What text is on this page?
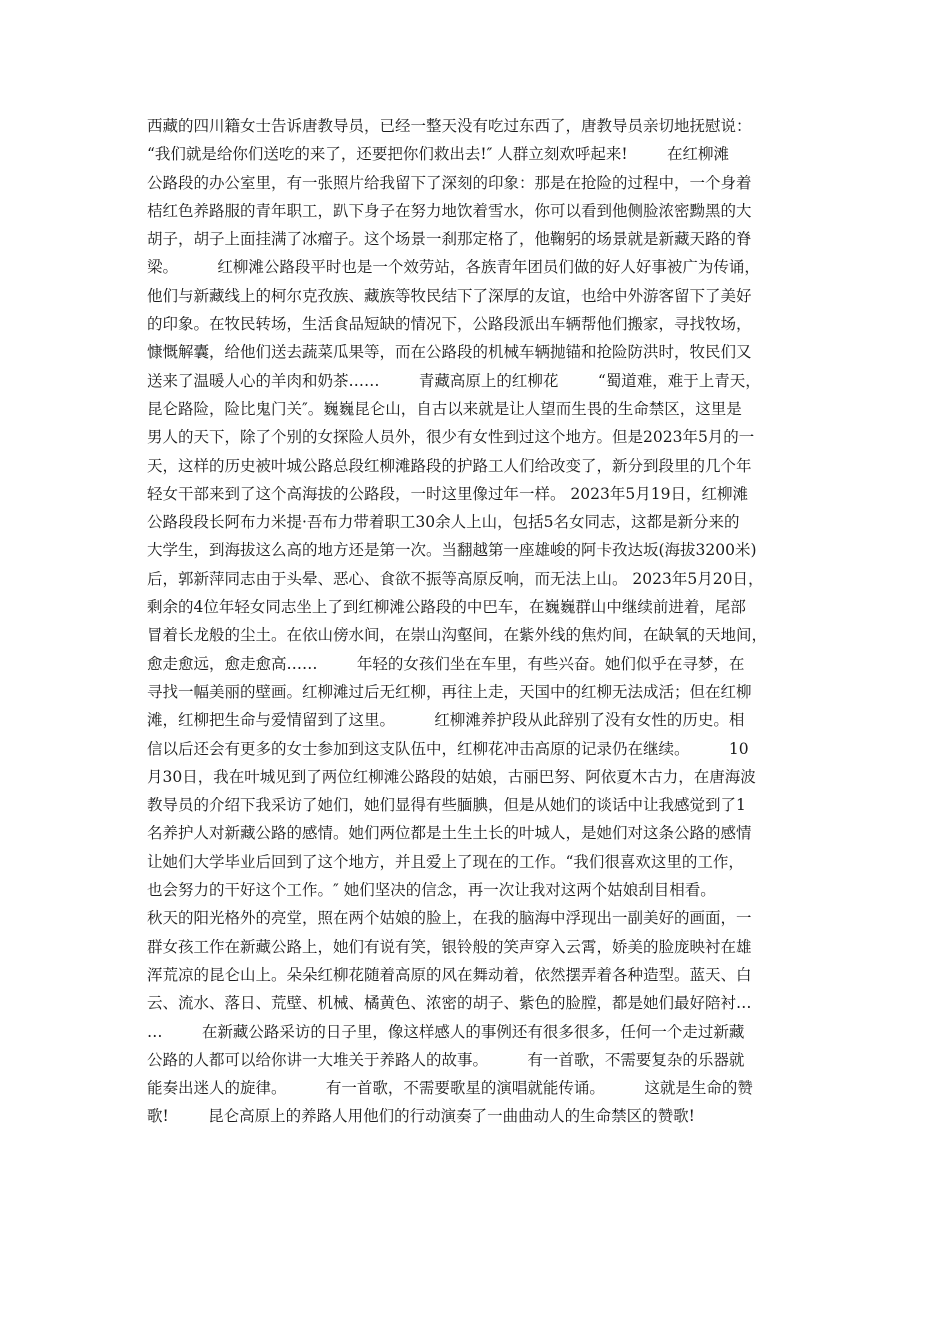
西藏的四川籍女士告诉唐教导员，已经一整天没有吃过东西了，唐教导员亲切地抚慰说：
“我们就是给你们送吃的来了，还要把你们救出去!″ 人群立刻欢呼起来!        在红柳滩
公路段的办公室里，有一张照片给我留下了深刻的印象：那是在抢险的过程中，一个身着
桔红色养路服的青年职工，趴下身子在努力地饮着雪水，你可以看到他侧脸浓密黝黑的大
胡子，胡子上面挂满了冰瘤子。这个场景一刹那定格了，他鞠躬的场景就是新藏天路的脊
梁。        红柳滩公路段平时也是一个效劳站，各族青年团员们做的好人好事被广为传诵，
他们与新藏线上的柯尔克孜族、藏族等牧民结下了深厚的友谊，也给中外游客留下了美好
的印象。在牧民转场，生活食品短缺的情况下，公路段派出车辆帮他们搬家，寻找牧场，
慷慨解囊，给他们送去蔬菜瓜果等，而在公路段的机械车辆抛锚和抢险防洪时，牧民们又
送来了温暖人心的羊肉和奶茶……        青藏高原上的红柳花        “蜀道难，难于上青天，
昆仑路险，险比鬼门关″。巍巍昆仑山，自古以来就是让人望而生畏的生命禁区，这里是
男人的天下，除了个别的女探险人员外，很少有女性到过这个地方。但是2023年5月的一
天，这样的历史被叶城公路总段红柳滩路段的护路工人们给改变了，新分到段里的几个年
轻女干部来到了这个高海拔的公路段，一时这里像过年一样。 2023年5月19日，红柳滩
公路段段长阿布力米提·吾布力带着职工30余人上山，包括5名女同志，这都是新分来的
大学生，到海拔这么高的地方还是第一次。当翻越第一座雄峻的阿卡孜达坂(海拔3200米)
后，郭新萍同志由于头晕、恶心、食欲不振等高原反响，而无法上山。 2023年5月20日，
剩余的4位年轻女同志坐上了到红柳滩公路段的中巴车，在巍巍群山中继续前进着，尾部
冒着长龙般的尘土。在依山傍水间，在崇山沟壑间，在紫外线的焦灼间，在缺氧的天地间，
愈走愈远，愈走愈高……        年轻的女孩们坐在车里，有些兴奋。她们似乎在寻梦，在
寻找一幅美丽的壁画。红柳滩过后无红柳，再往上走，天国中的红柳无法成活；但在红柳
滩，红柳把生命与爱情留到了这里。        红柳滩养护段从此辞别了没有女性的历史。相
信以后还会有更多的女士参加到这支队伍中，红柳花冲击高原的记录仍在继续。        10
月30日，我在叶城见到了两位红柳滩公路段的姑娘，古丽巴努、阿依夏木古力，在唐海波
教导员的介绍下我采访了她们，她们显得有些腼腆，但是从她们的谈话中让我感觉到了1
名养护人对新藏公路的感情。她们两位都是土生土长的叶城人，是她们对这条公路的感情
让她们大学毕业后回到了这个地方，并且爱上了现在的工作。“我们很喜欢这里的工作，
也会努力的干好这个工作。″ 她们坚决的信念，再一次让我对这两个姑娘刮目相看。
秋天的阳光格外的亮堂，照在两个姑娘的脸上，在我的脑海中浮现出一副美好的画面，一
群女孩工作在新藏公路上，她们有说有笑，银铃般的笑声穿入云霄，娇美的脸庞映衬在雄
浑荒凉的昆仑山上。朵朵红柳花随着高原的风在舞动着，依然摆弄着各种造型。蓝天、白
云、流水、落日、荒壁、机械、橘黄色、浓密的胡子、紫色的脸膛，都是她们最好陪衬…
…        在新藏公路采访的日子里，像这样感人的事例还有很多很多，任何一个走过新藏
公路的人都可以给你讲一大堆关于养路人的故事。        有一首歌，不需要复杂的乐器就
能奏出迷人的旋律。        有一首歌，不需要歌星的演唱就能传诵。        这就是生命的赞
歌!        昆仑高原上的养路人用他们的行动演奏了一曲曲动人的生命禁区的赞歌!
